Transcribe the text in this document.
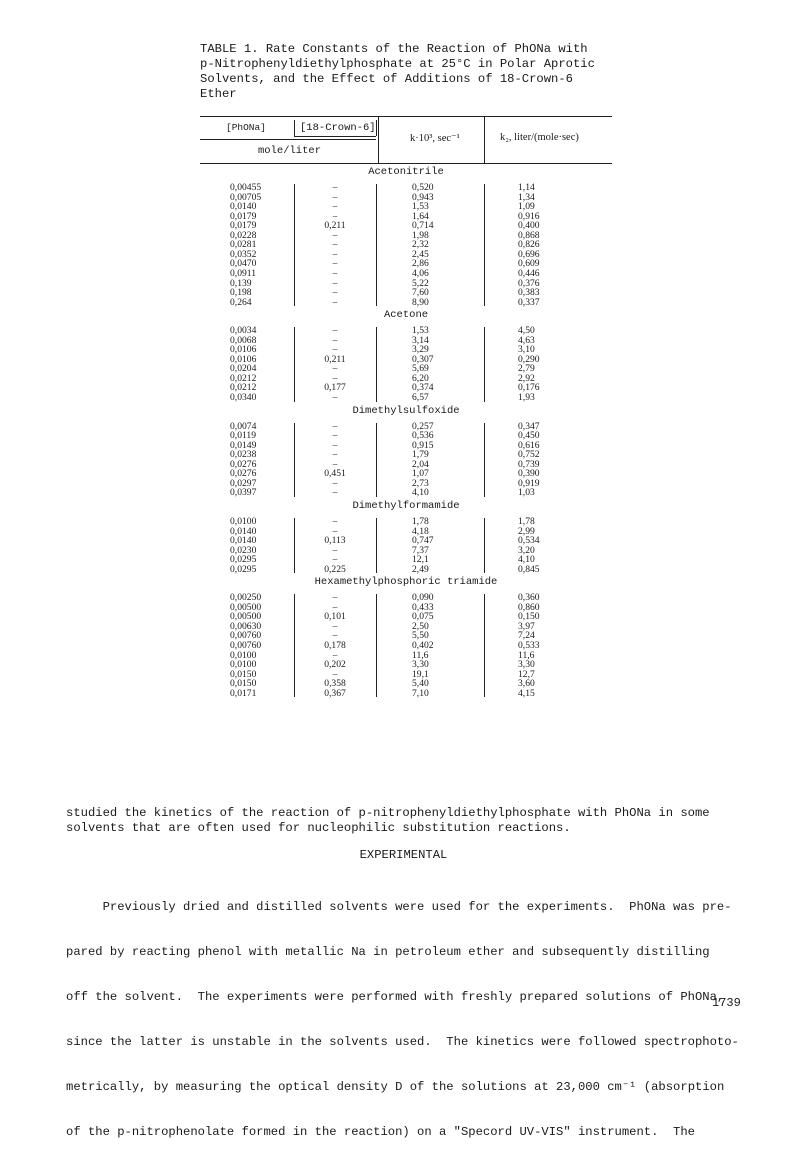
TABLE 1. Rate Constants of the Reaction of PhONa with
p-Nitrophenyldiethylphosphate at 25°C in Polar Aprotic
Solvents, and the Effect of Additions of 18-Crown-6
Ether
[PhONa]	[18-Crown-6]
mole/liter
k·10³, sec⁻¹	k₂, liter/(mole·sec)
Acetonitrile
0,00455	–	0,520	1,14
0,00705	–	0,943	1,34
0,0140	–	1,53	1,09
0,0179	–	1,64	0,916
0,0179	0,211	0,714	0,400
0,0228	–	1,98	0,868
0,0281	–	2,32	0,826
0,0352	–	2,45	0,696
0,0470	–	2,86	0,609
0,0911	–	4,06	0,446
0,139	–	5,22	0,376
0,198	–	7,60	0,383
0,264	–	8,90	0,337
Acetone
0,0034	–	1,53	4,50
0,0068	–	3,14	4,63
0,0106	–	3,29	3,10
0,0106	0,211	0,307	0,290
0,0204	–	5,69	2,79
0,0212	–	6,20	2,92
0,0212	0,177	0,374	0,176
0,0340	–	6,57	1,93
Dimethylsulfoxide
0,0074	–	0,257	0,347
0,0119	–	0,536	0,450
0,0149	–	0,915	0,616
0,0238	–	1,79	0,752
0,0276	–	2,04	0,739
0,0276	0,451	1,07	0,390
0,0297	–	2,73	0,919
0,0397	–	4,10	1,03
Dimethylformamide
0,0100	–	1,78	1,78
0,0140	–	4,18	2,99
0,0140	0,113	0,747	0,534
0,0230	–	7,37	3,20
0,0295	–	12,1	4,10
0,0295	0,225	2,49	0,845
Hexamethylphosphoric triamide
0,00250	–	0,090	0,360
0,00500	–	0,433	0,860
0,00500	0,101	0,075	0,150
0,00630	–	2,50	3,97
0,00760	–	5,50	7,24
0,00760	0,178	0,402	0,533
0,0100	–	11,6	11,6
0,0100	0,202	3,30	3,30
0,0150	–	19,1	12,7
0,0150	0,358	5,40	3,60
0,0171	0,367	7,10	4,15
studied the kinetics of the reaction of p-nitrophenyldiethylphosphate with PhONa in some
solvents that are often used for nucleophilic substitution reactions.
EXPERIMENTAL

Previously dried and distilled solvents were used for the experiments.  PhONa was pre-

pared by reacting phenol with metallic Na in petroleum ether and subsequently distilling

off the solvent.  The experiments were performed with freshly prepared solutions of PhONa,

since the latter is unstable in the solvents used.  The kinetics were followed spectrophoto-

metrically, by measuring the optical density D of the solutions at 23,000 cm⁻¹ (absorption

of the p-nitrophenolate formed in the reaction) on a "Specord UV-VIS" instrument.  The

1739
